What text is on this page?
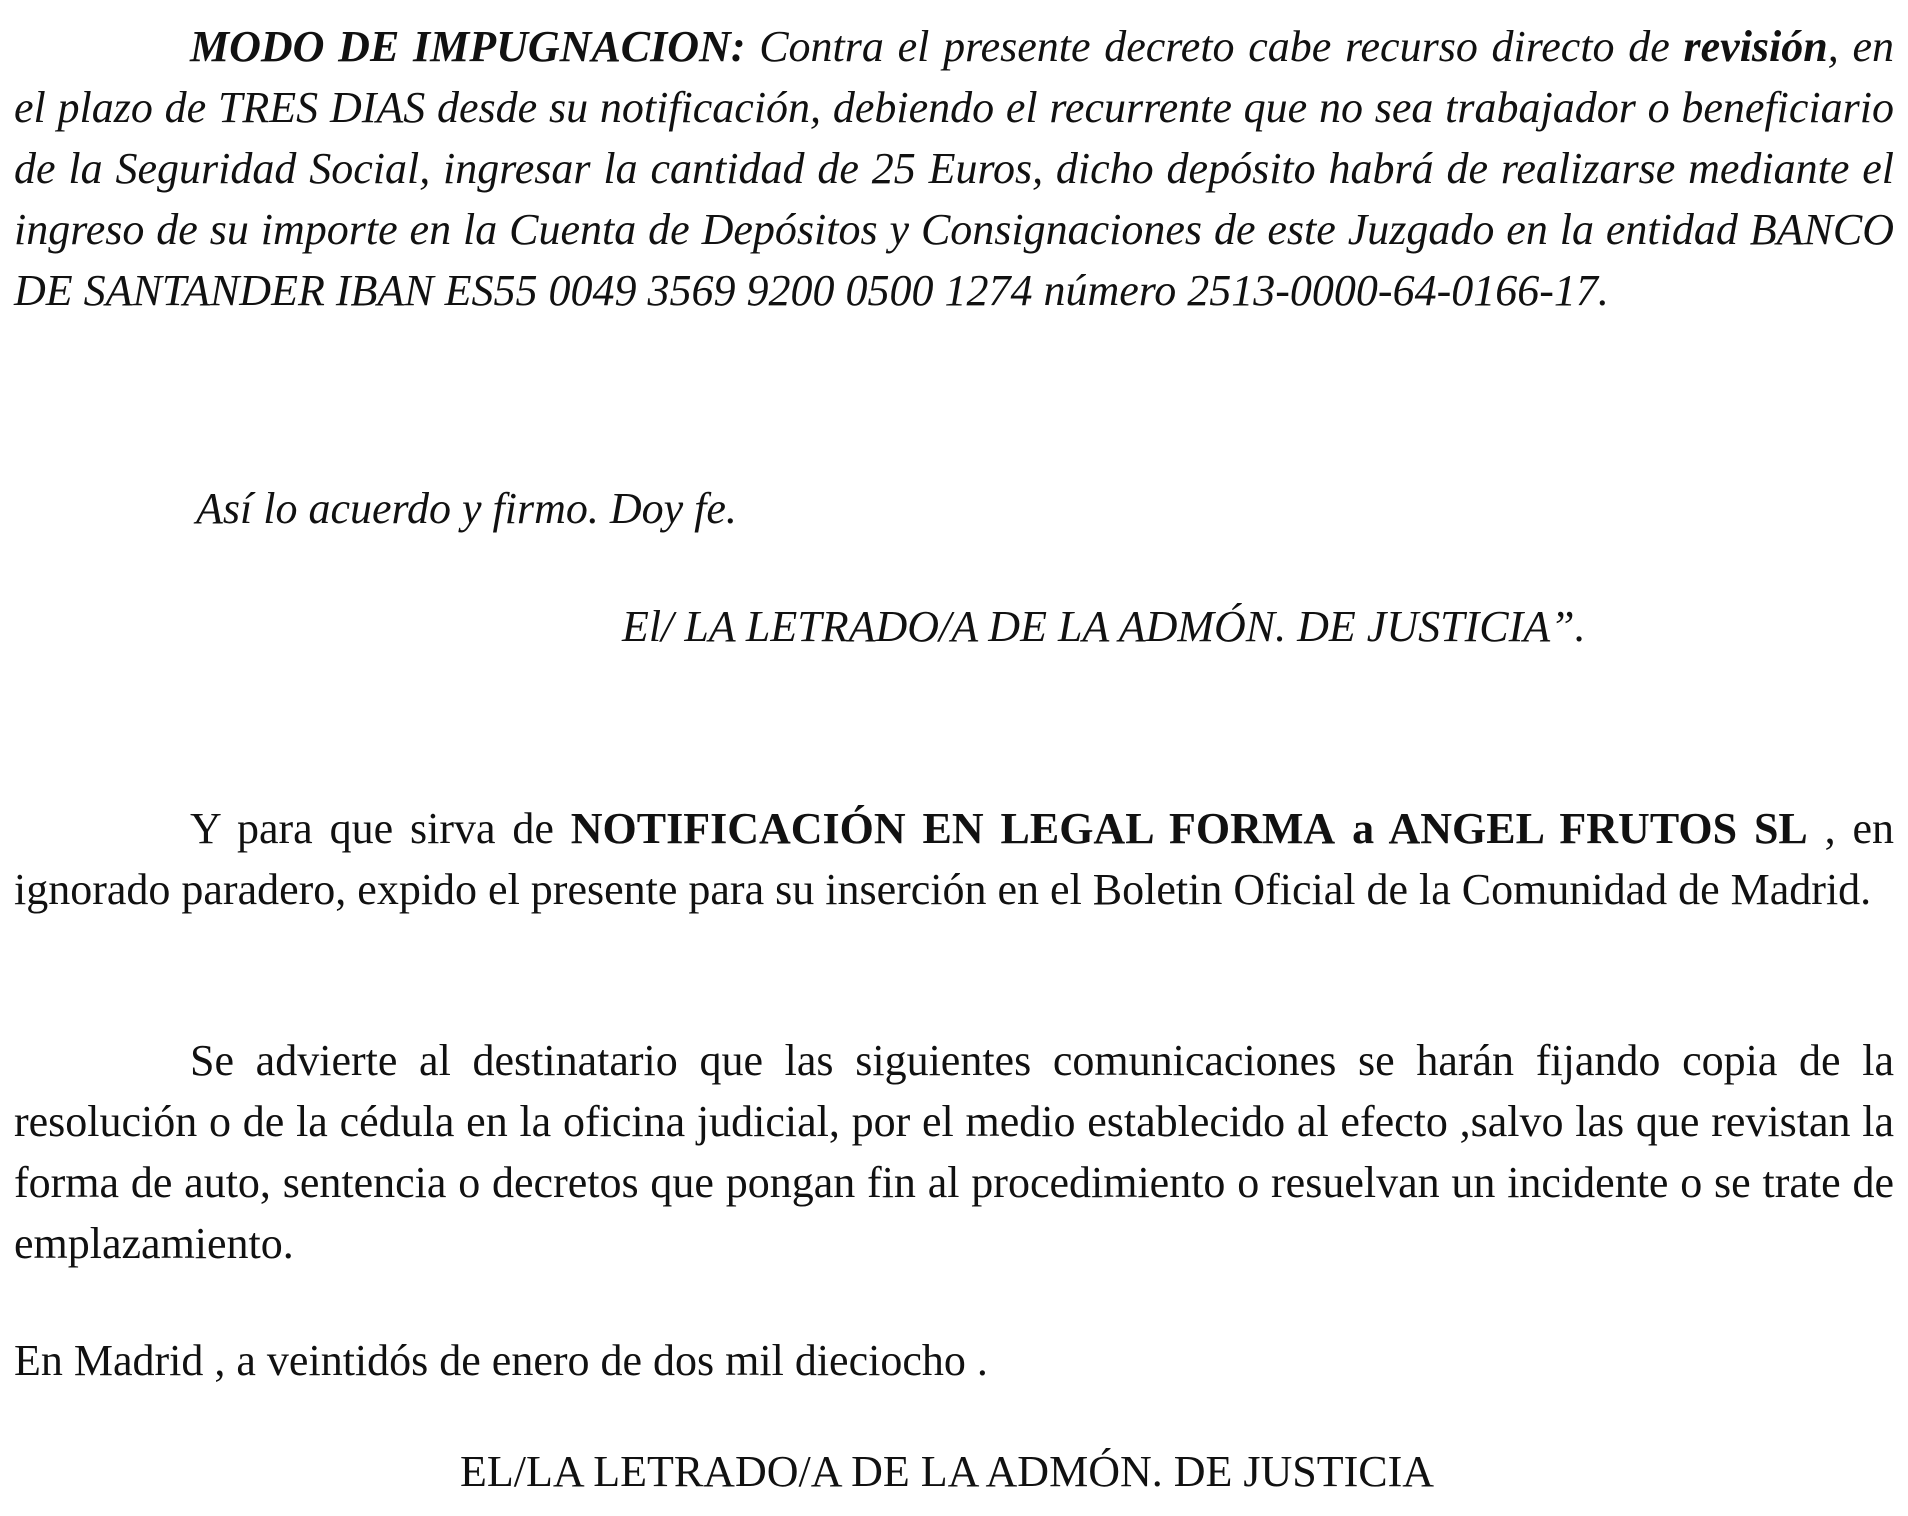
MODO DE IMPUGNACION: Contra el presente decreto cabe recurso directo de revisión, en el plazo de TRES DIAS desde su notificación, debiendo el recurrente que no sea trabajador o beneficiario de la Seguridad Social, ingresar la cantidad de 25 Euros, dicho depósito habrá de realizarse mediante el ingreso de su importe en la Cuenta de Depósitos y Consignaciones de este Juzgado en la entidad BANCO DE SANTANDER IBAN ES55 0049 3569 9200 0500 1274 número 2513-0000-64-0166-17.

Así lo acuerdo y firmo. Doy fe.

El/ LA LETRADO/A DE LA ADMÓN. DE JUSTICIA”.

Y para que sirva de NOTIFICACIÓN EN LEGAL FORMA a ANGEL FRUTOS SL , en ignorado paradero, expido el presente para su inserción en el Boletin Oficial de la Comunidad de Madrid.

Se advierte al destinatario que las siguientes comunicaciones se harán fijando copia de la resolución o de la cédula en la oficina judicial, por el medio establecido al efecto ,salvo las que revistan la forma de auto, sentencia o decretos que pongan fin al procedimiento o resuelvan un incidente o se trate de emplazamiento.

En Madrid , a veintidós de enero de dos mil dieciocho .

EL/LA LETRADO/A DE LA ADMÓN. DE JUSTICIA
